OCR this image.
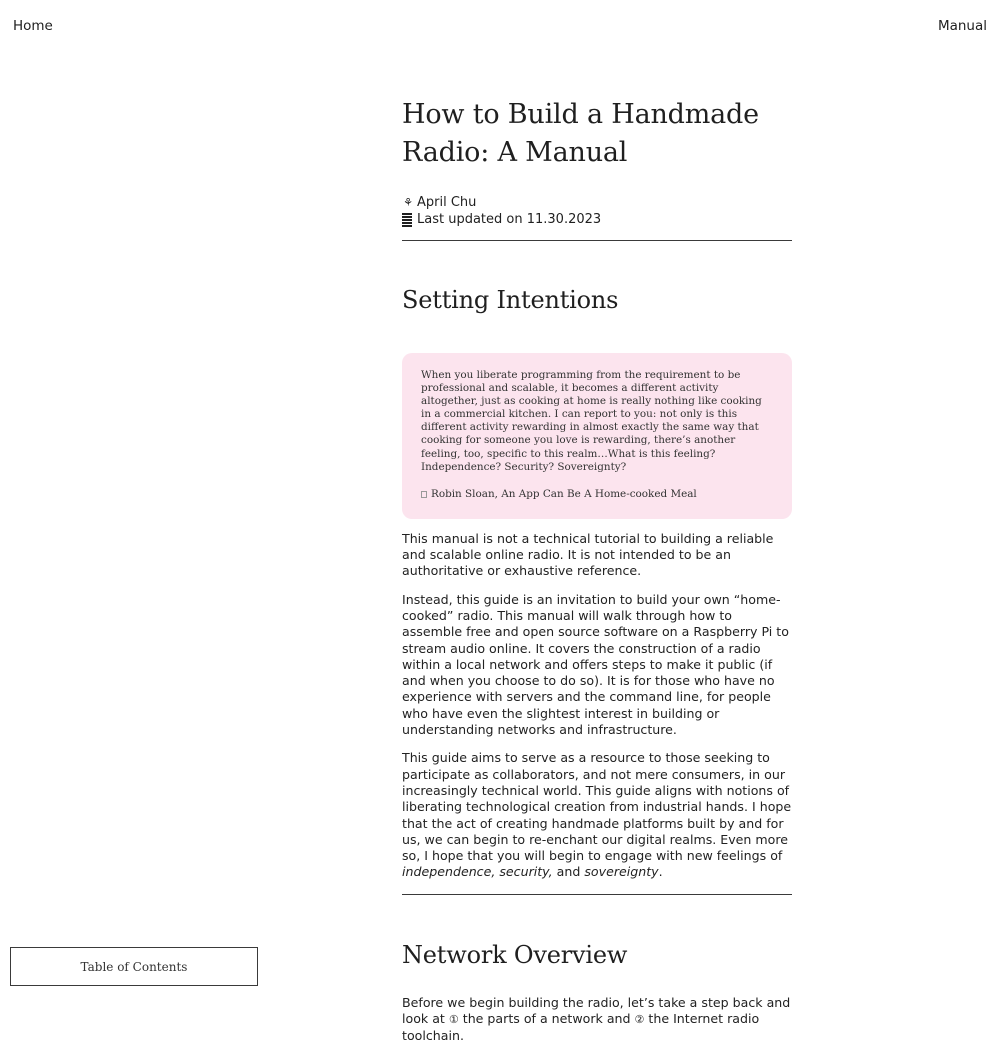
Home	Manual
How to Build a Handmade
Radio: A Manual
⚘ April Chu
Last updated on 11.30.2023
Setting Intentions

When you liberate programming from the requirement to be professional and scalable, it becomes a different activity altogether, just as cooking at home is really nothing like cooking in a commercial kitchen. I can report to you: not only is this different activity rewarding in almost exactly the same way that cooking for someone you love is rewarding, there’s another feeling, too, specific to this realm…What is this feeling? Independence? Security? Sovereignty?

Robin Sloan, An App Can Be A Home-cooked Meal

This manual is not a technical tutorial to building a reliable and scalable online radio. It is not intended to be an authoritative or exhaustive reference.

Instead, this guide is an invitation to build your own “home-cooked” radio. This manual will walk through how to assemble free and open source software on a Raspberry Pi to stream audio online. It covers the construction of a radio within a local network and offers steps to make it public (if and when you choose to do so). It is for those who have no experience with servers and the command line, for people who have even the slightest interest in building or understanding networks and infrastructure.

This guide aims to serve as a resource to those seeking to participate as collaborators, and not mere consumers, in our increasingly technical world. This guide aligns with notions of liberating technological creation from industrial hands. I hope that the act of creating handmade platforms built by and for us, we can begin to re-enchant our digital realms. Even more so, I hope that you will begin to engage with new feelings of independence, security, and sovereignty.

Network Overview

Before we begin building the radio, let’s take a step back and look at ① the parts of a network and ② the Internet radio toolchain.

Table of Contents
